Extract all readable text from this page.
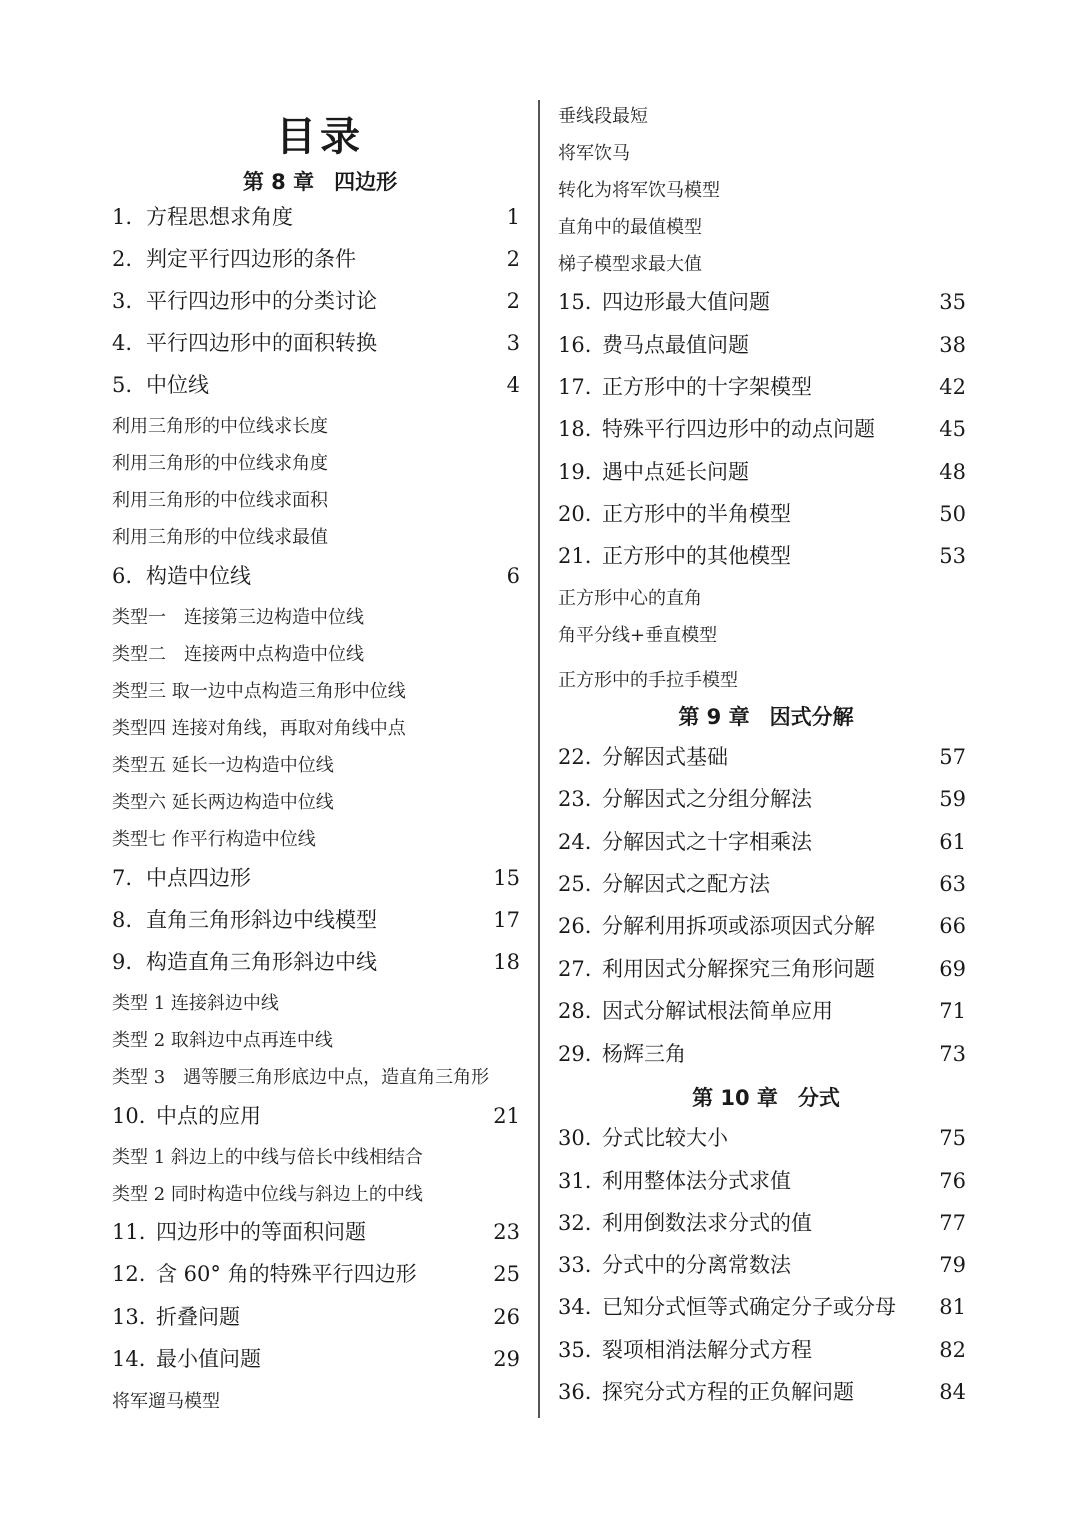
目录
第 8 章 四边形
1. 方程思想求角度	1
2. 判定平行四边形的条件	2
3. 平行四边形中的分类讨论	2
4. 平行四边形中的面积转换	3
5. 中位线	4
利用三角形的中位线求长度
利用三角形的中位线求角度
利用三角形的中位线求面积
利用三角形的中位线求最值
6. 构造中位线	6
类型一　连接第三边构造中位线
类型二　连接两中点构造中位线
类型三 取一边中点构造三角形中位线
类型四 连接对角线，再取对角线中点
类型五 延长一边构造中位线
类型六 延长两边构造中位线
类型七 作平行构造中位线
7. 中点四边形	15
8. 直角三角形斜边中线模型	17
9. 构造直角三角形斜边中线	18
类型 1 连接斜边中线
类型 2 取斜边中点再连中线
类型 3　遇等腰三角形底边中点，造直角三角形
10. 中点的应用	21
类型 1 斜边上的中线与倍长中线相结合
类型 2 同时构造中位线与斜边上的中线
11. 四边形中的等面积问题	23
12. 含 60° 角的特殊平行四边形	25
13. 折叠问题	26
14. 最小值问题	29
将军遛马模型
垂线段最短
将军饮马
转化为将军饮马模型
直角中的最值模型
梯子模型求最大值
15. 四边形最大值问题	35
16. 费马点最值问题	38
17. 正方形中的十字架模型	42
18. 特殊平行四边形中的动点问题	45
19. 遇中点延长问题	48
20. 正方形中的半角模型	50
21. 正方形中的其他模型	53
正方形中心的直角
角平分线+垂直模型
正方形中的手拉手模型
第 9 章 因式分解
22. 分解因式基础	57
23. 分解因式之分组分解法	59
24. 分解因式之十字相乘法	61
25. 分解因式之配方法	63
26. 分解利用拆项或添项因式分解	66
27. 利用因式分解探究三角形问题	69
28. 因式分解试根法简单应用	71
29. 杨辉三角	73
第 10 章 分式
30. 分式比较大小	75
31. 利用整体法分式求值	76
32. 利用倒数法求分式的值	77
33. 分式中的分离常数法	79
34. 已知分式恒等式确定分子或分母	81
35. 裂项相消法解分式方程	82
36. 探究分式方程的正负解问题	84
